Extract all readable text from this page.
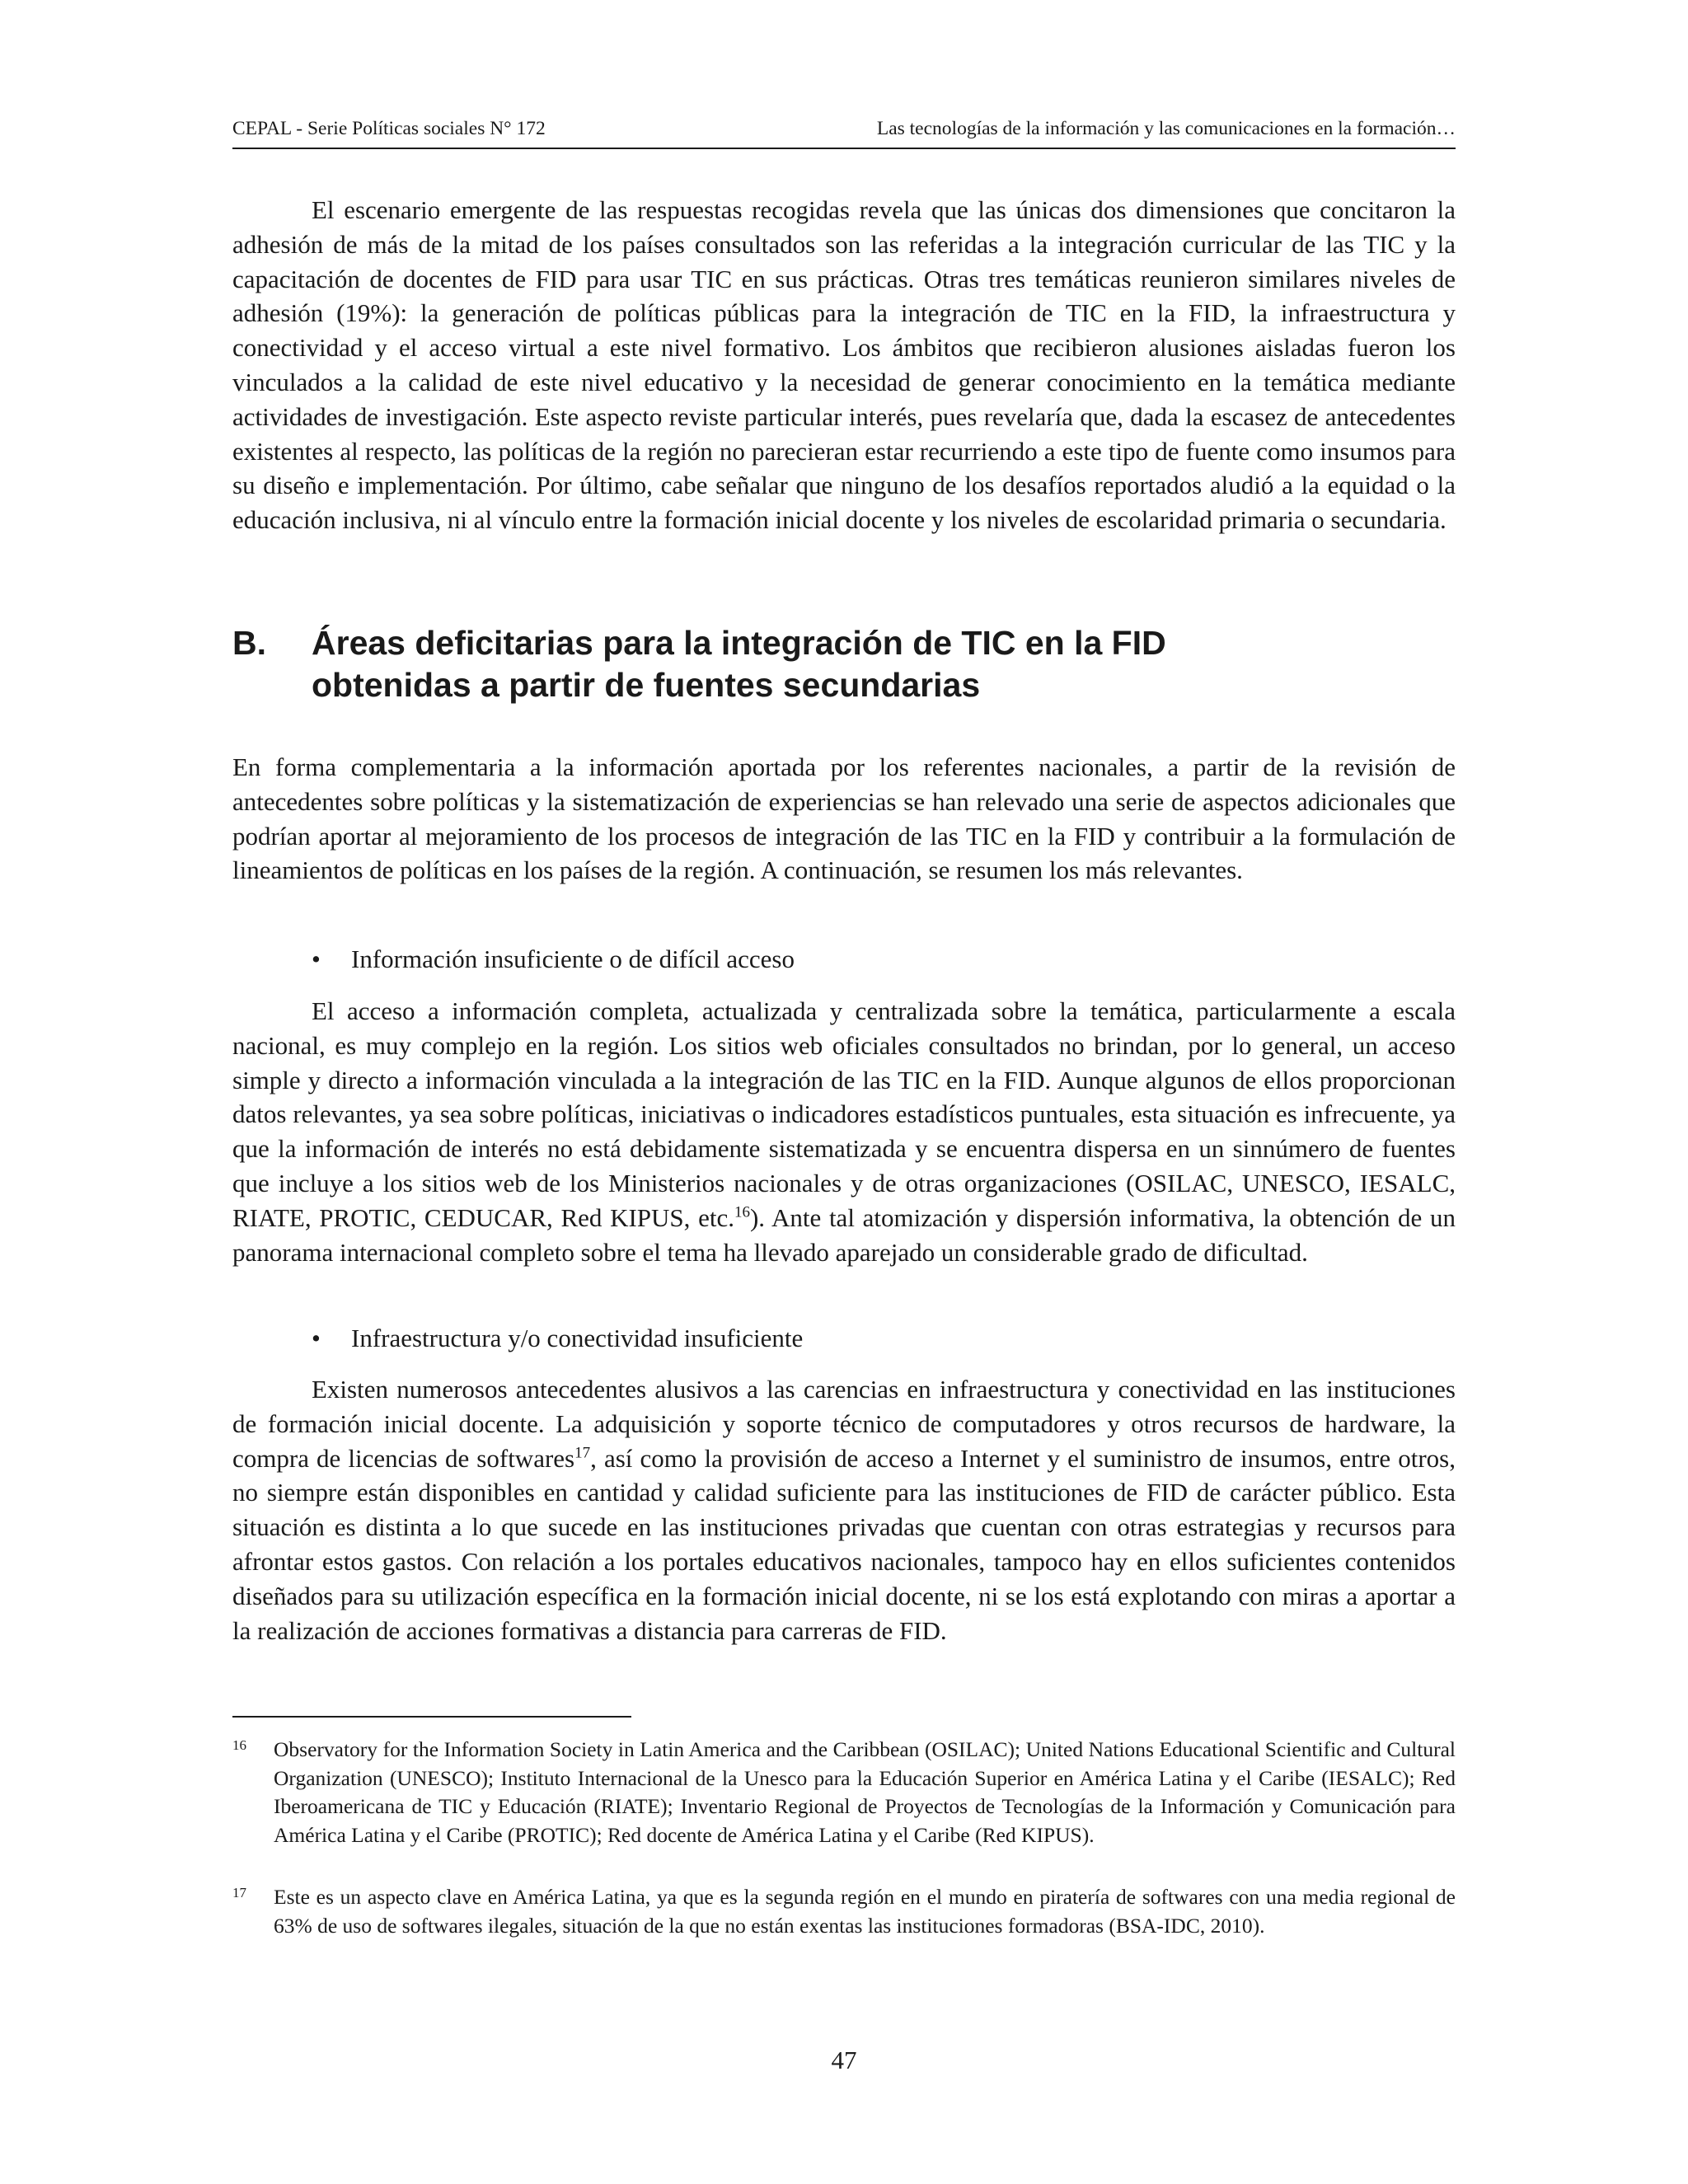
CEPAL - Serie Políticas sociales N° 172	Las tecnologías de la información y las comunicaciones en la formación…

El escenario emergente de las respuestas recogidas revela que las únicas dos dimensiones que concitaron la adhesión de más de la mitad de los países consultados son las referidas a la integración curricular de las TIC y la capacitación de docentes de FID para usar TIC en sus prácticas. Otras tres temáticas reunieron similares niveles de adhesión (19%): la generación de políticas públicas para la integración de TIC en la FID, la infraestructura y conectividad y el acceso virtual a este nivel formativo. Los ámbitos que recibieron alusiones aisladas fueron los vinculados a la calidad de este nivel educativo y la necesidad de generar conocimiento en la temática mediante actividades de investigación. Este aspecto reviste particular interés, pues revelaría que, dada la escasez de antecedentes existentes al respecto, las políticas de la región no parecieran estar recurriendo a este tipo de fuente como insumos para su diseño e implementación. Por último, cabe señalar que ninguno de los desafíos reportados aludió a la equidad o la educación inclusiva, ni al vínculo entre la formación inicial docente y los niveles de escolaridad primaria o secundaria.

B. Áreas deficitarias para la integración de TIC en la FID
obtenidas a partir de fuentes secundarias

En forma complementaria a la información aportada por los referentes nacionales, a partir de la revisión de antecedentes sobre políticas y la sistematización de experiencias se han relevado una serie de aspectos adicionales que podrían aportar al mejoramiento de los procesos de integración de las TIC en la FID y contribuir a la formulación de lineamientos de políticas en los países de la región. A continuación, se resumen los más relevantes.

• Información insuficiente o de difícil acceso

El acceso a información completa, actualizada y centralizada sobre la temática, particularmente a escala nacional, es muy complejo en la región. Los sitios web oficiales consultados no brindan, por lo general, un acceso simple y directo a información vinculada a la integración de las TIC en la FID. Aunque algunos de ellos proporcionan datos relevantes, ya sea sobre políticas, iniciativas o indicadores estadísticos puntuales, esta situación es infrecuente, ya que la información de interés no está debidamente sistematizada y se encuentra dispersa en un sinnúmero de fuentes que incluye a los sitios web de los Ministerios nacionales y de otras organizaciones (OSILAC, UNESCO, IESALC, RIATE, PROTIC, CEDUCAR, Red KIPUS, etc.$^{16}$). Ante tal atomización y dispersión informativa, la obtención de un panorama internacional completo sobre el tema ha llevado aparejado un considerable grado de dificultad.

• Infraestructura y/o conectividad insuficiente

Existen numerosos antecedentes alusivos a las carencias en infraestructura y conectividad en las instituciones de formación inicial docente. La adquisición y soporte técnico de computadores y otros recursos de hardware, la compra de licencias de softwares$^{17}$, así como la provisión de acceso a Internet y el suministro de insumos, entre otros, no siempre están disponibles en cantidad y calidad suficiente para las instituciones de FID de carácter público. Esta situación es distinta a lo que sucede en las instituciones privadas que cuentan con otras estrategias y recursos para afrontar estos gastos. Con relación a los portales educativos nacionales, tampoco hay en ellos suficientes contenidos diseñados para su utilización específica en la formación inicial docente, ni se los está explotando con miras a aportar a la realización de acciones formativas a distancia para carreras de FID.

16 Observatory for the Information Society in Latin America and the Caribbean (OSILAC); United Nations Educational Scientific and Cultural Organization (UNESCO); Instituto Internacional de la Unesco para la Educación Superior en América Latina y el Caribe (IESALC); Red Iberoamericana de TIC y Educación (RIATE); Inventario Regional de Proyectos de Tecnologías de la Información y Comunicación para América Latina y el Caribe (PROTIC); Red docente de América Latina y el Caribe (Red KIPUS).

17 Este es un aspecto clave en América Latina, ya que es la segunda región en el mundo en piratería de softwares con una media regional de 63% de uso de softwares ilegales, situación de la que no están exentas las instituciones formadoras (BSA-IDC, 2010).

47
